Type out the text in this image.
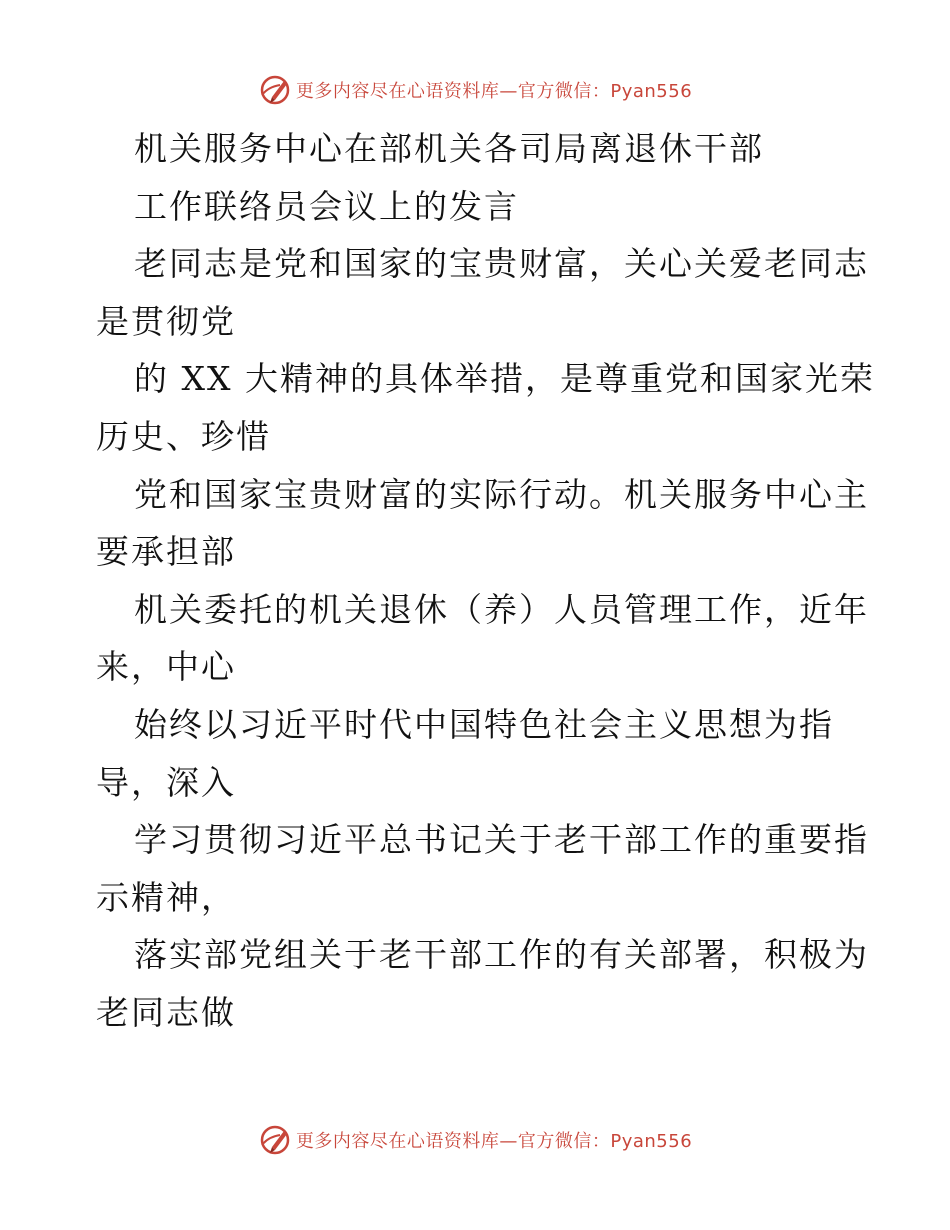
更多内容尽在心语资料库—官方微信：Pyan556
机关服务中心在部机关各司局离退休干部
工作联络员会议上的发言
老同志是党和国家的宝贵财富，关心关爱老同志
是贯彻党
的 XX 大精神的具体举措，是尊重党和国家光荣
历史、珍惜
党和国家宝贵财富的实际行动。机关服务中心主
要承担部
机关委托的机关退休（养）人员管理工作，近年
来，中心
始终以习近平时代中国特色社会主义思想为指
导，深入
学习贯彻习近平总书记关于老干部工作的重要指
示精神，
落实部党组关于老干部工作的有关部署，积极为
老同志做
更多内容尽在心语资料库—官方微信：Pyan556
